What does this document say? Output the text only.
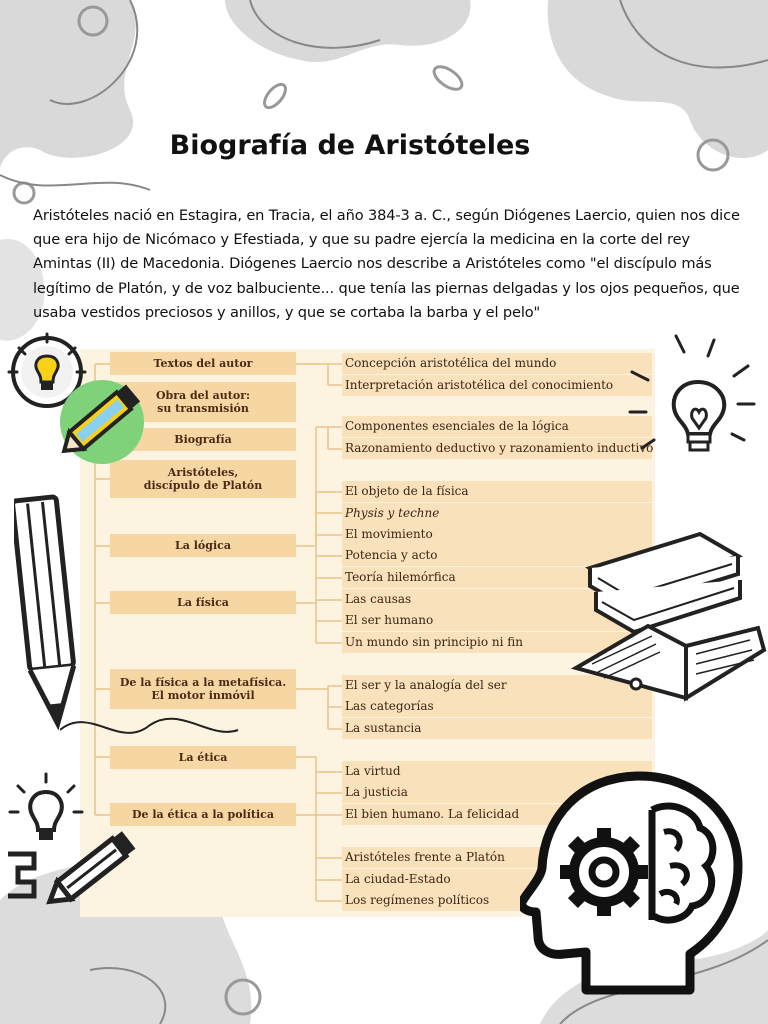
Biografía de Aristóteles
Aristóteles nació en Estagira, en Tracia, el año 384-3 a. C., según Diógenes Laercio, quien nos dice que era hijo de Nicómaco y Efestiada, y que su padre ejercía la medicina en la corte del rey Amintas (II) de Macedonia. Diógenes Laercio nos describe a Aristóteles como "el discípulo más legítimo de Platón, y de voz balbuciente... que tenía las piernas delgadas y los ojos pequeños, que usaba vestidos preciosos y anillos, y que se cortaba la barba y el pelo"
Textos del autor
Obra del autor:
su transmisión
Biografía
Aristóteles,
discípulo de Platón
La lógica
La física
De la física a la metafísica.
El motor inmóvil
La ética
De la ética a la política
Concepción aristotélica del mundo
Interpretación aristotélica del conocimiento
Componentes esenciales de la lógica
Razonamiento deductivo y razonamiento inductivo
El objeto de la física
Physis y techne
El movimiento
Potencia y acto
Teoría hilemórfica
Las causas
El ser humano
Un mundo sin principio ni fin
El ser y la analogía del ser
Las categorías
La sustancia
La virtud
La justicia
El bien humano. La felicidad
Aristóteles frente a Platón
La ciudad-Estado
Los regímenes políticos
